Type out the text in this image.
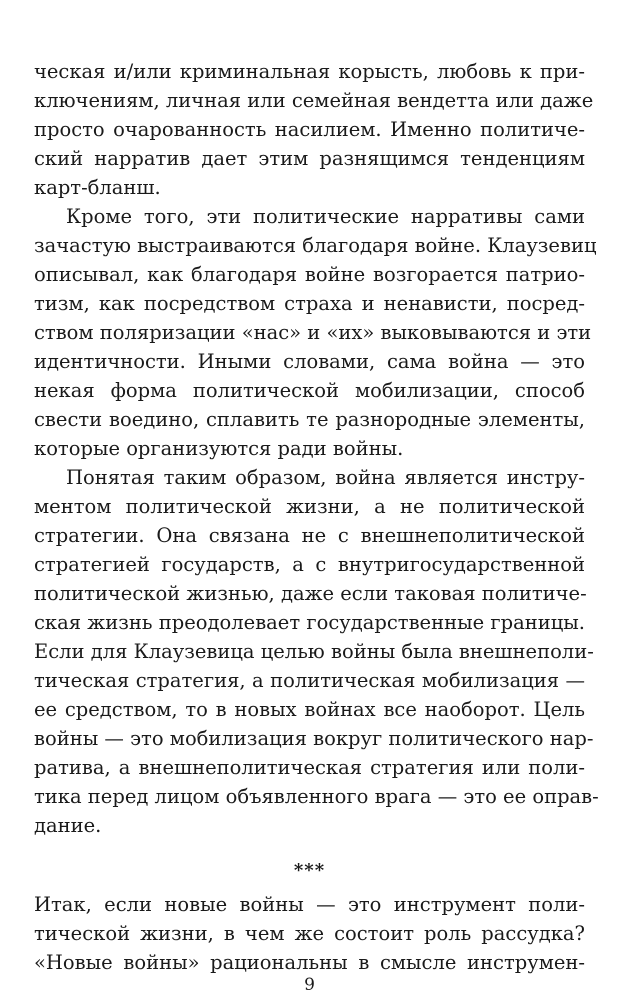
ческая и/или криминальная корысть, любовь к при-
ключениям, личная или семейная вендетта или даже
просто очарованность насилием. Именно политиче-
ский нарратив дает этим разнящимся тенденциям
карт-бланш.
Кроме того, эти политические нарративы сами
зачастую выстраиваются благодаря войне. Клаузевиц
описывал, как благодаря войне возгорается патрио-
тизм, как посредством страха и ненависти, посред-
ством поляризации «нас» и «их» выковываются и эти
идентичности. Иными словами, сама война — это
некая форма политической мобилизации, способ
свести воедино, сплавить те разнородные элементы,
которые организуются ради войны.
Понятая таким образом, война является инстру-
ментом политической жизни, а не политической
стратегии. Она связана не с внешнеполитической
стратегией государств, а с внутригосударственной
политической жизнью, даже если таковая политиче-
ская жизнь преодолевает государственные границы.
Если для Клаузевица целью войны была внешнеполи-
тическая стратегия, а политическая мобилизация —
ее средством, то в новых войнах все наоборот. Цель
войны — это мобилизация вокруг политического нар-
ратива, а внешнеполитическая стратегия или поли-
тика перед лицом объявленного врага — это ее оправ-
дание.
***
Итак, если новые войны — это инструмент поли-
тической жизни, в чем же состоит роль рассудка?
«Новые войны» рациональны в смысле инструмен-
9
